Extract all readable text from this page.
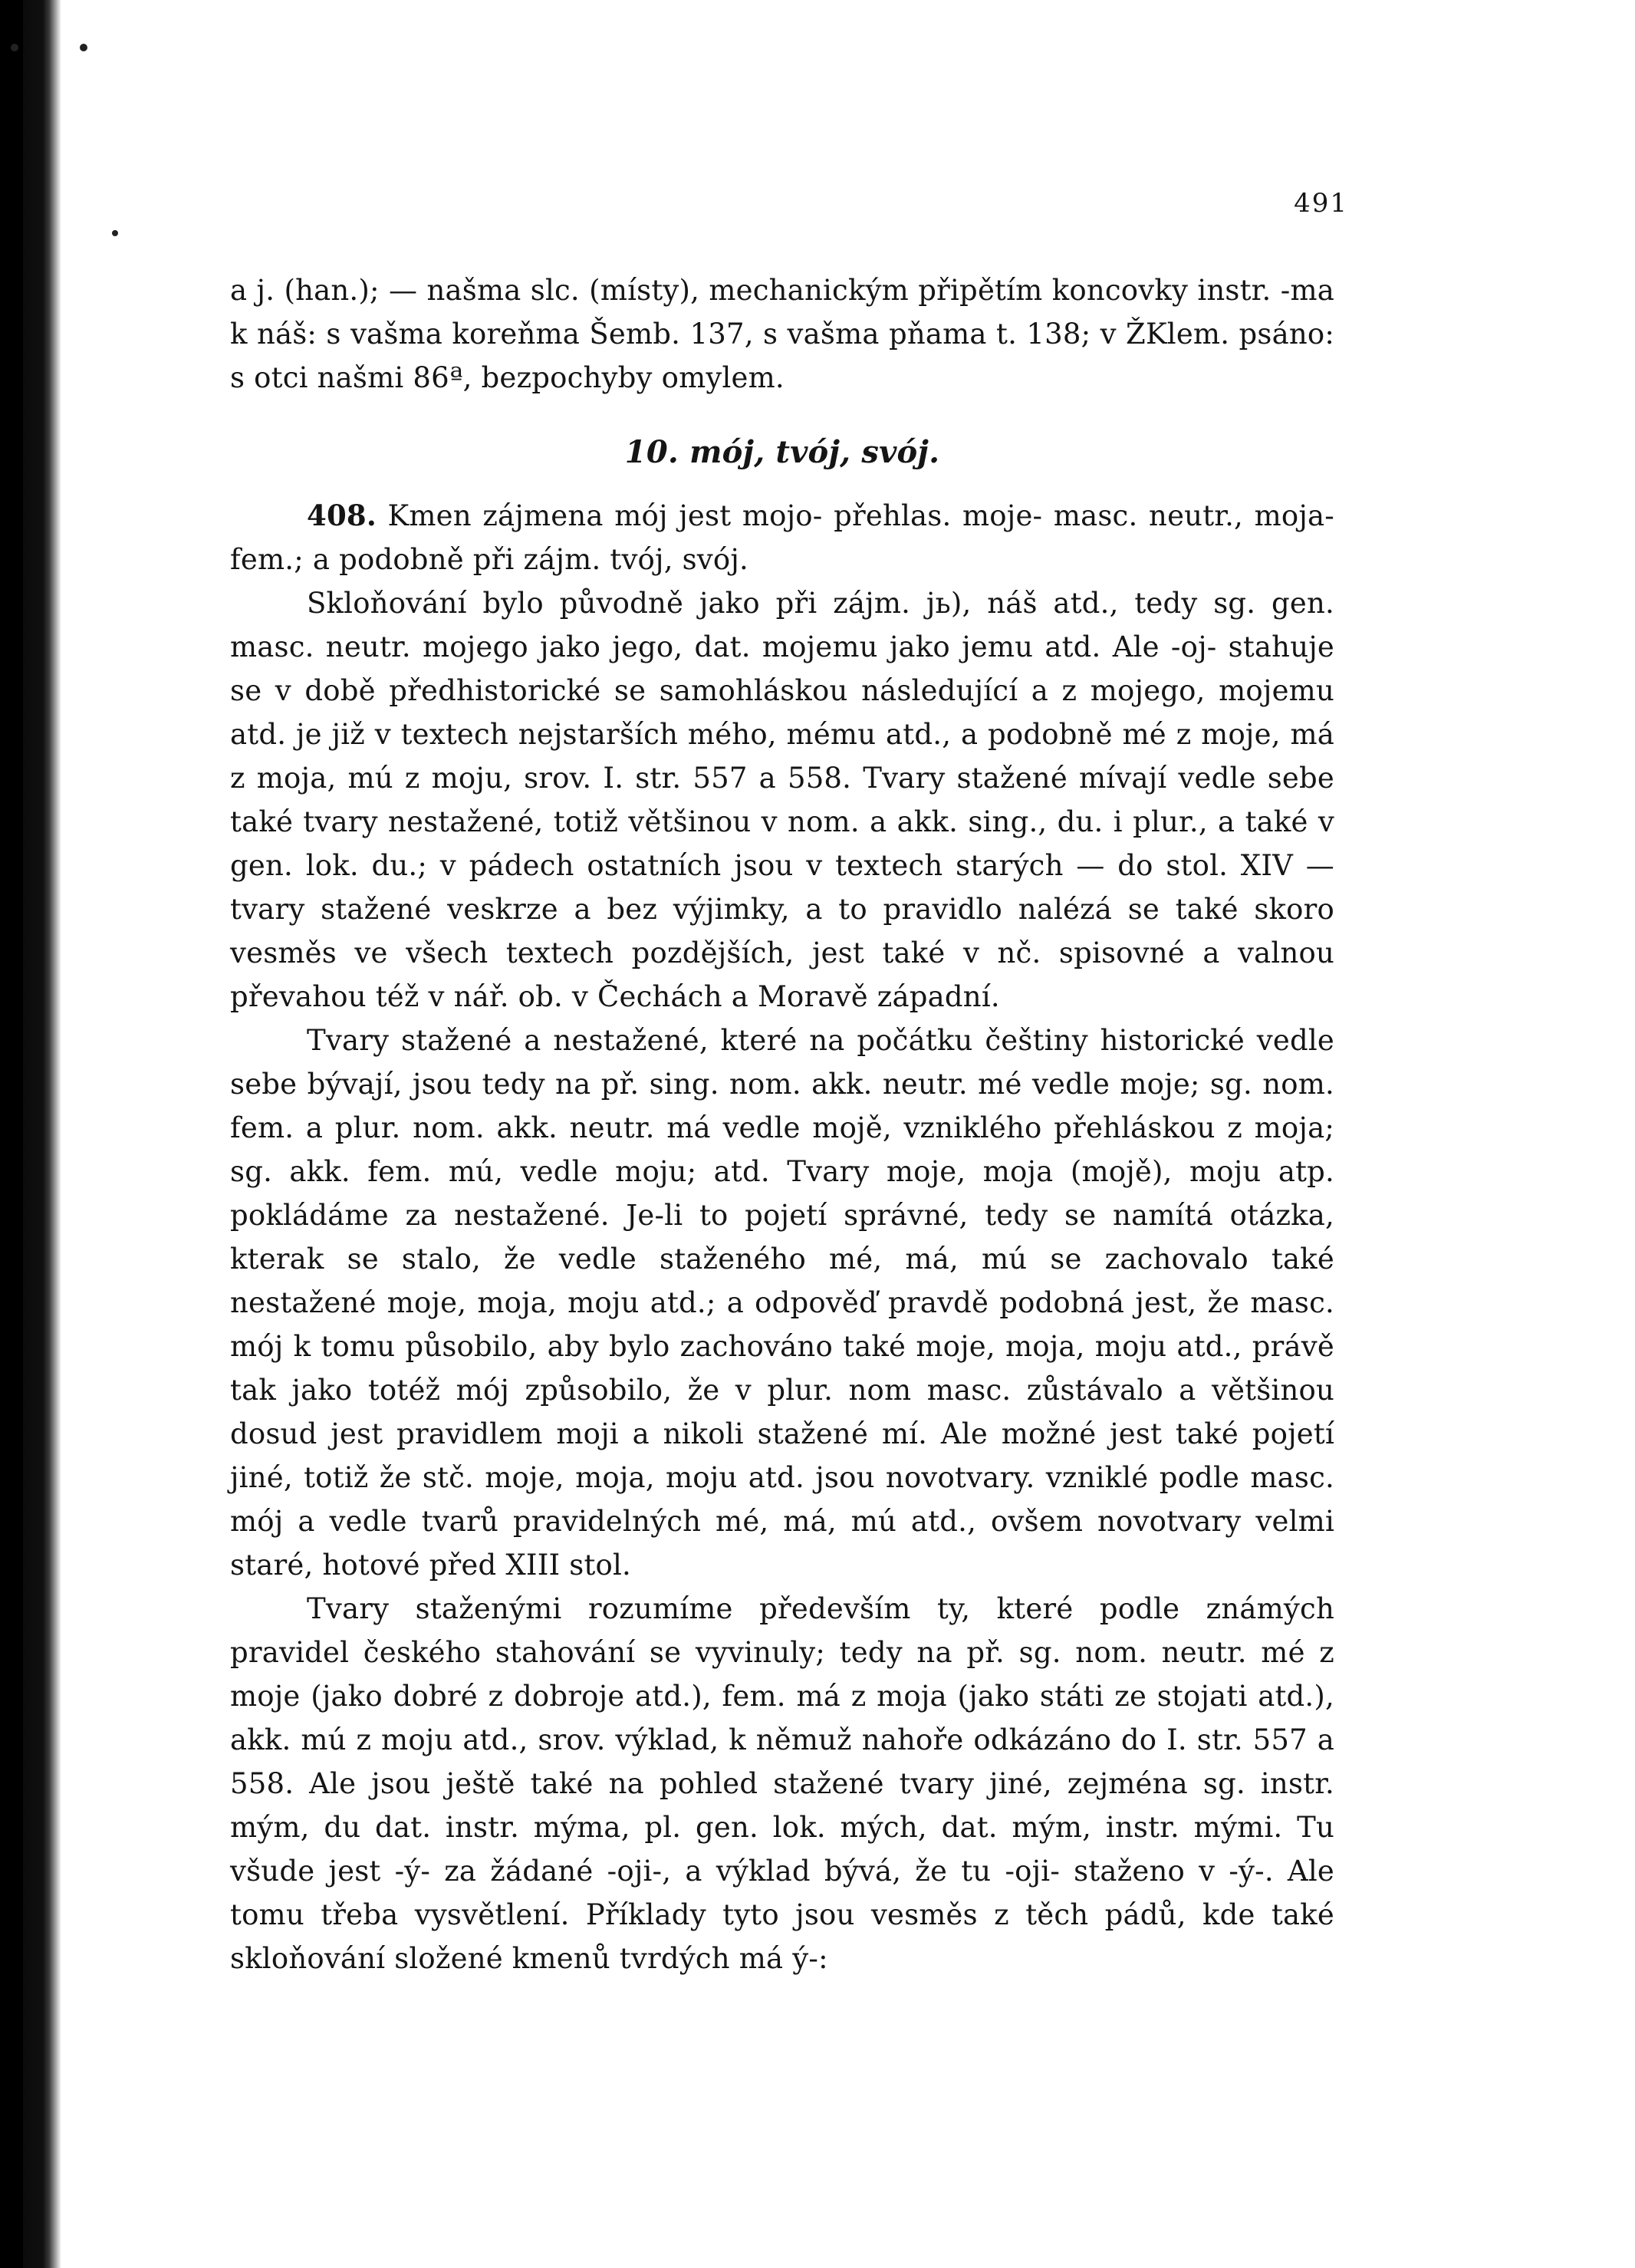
491

a j. (han.); — našma slc. (místy), mechanickým připětím koncovky instr. -ma k náš: s vašma koreňma Šemb. 137, s vašma pňama t. 138; v ŽKlem. psáno: s otci našmi 86ª, bezpochyby omylem.

10. mój, tvój, svój.

408. Kmen zájmena mój jest mojo- přehlas. moje- masc. neutr., moja- fem.; a podobně při zájm. tvój, svój.

Skloňování bylo původně jako při zájm. jь), náš atd., tedy sg. gen. masc. neutr. mojego jako jego, dat. mojemu jako jemu atd. Ale -oj- stahuje se v době předhistorické se samohláskou následující a z mojego, mojemu atd. je již v textech nejstarších mého, mému atd., a podobně mé z moje, má z moja, mú z moju, srov. I. str. 557 a 558. Tvary stažené mívají vedle sebe také tvary nestažené, totiž většinou v nom. a akk. sing., du. i plur., a také v gen. lok. du.; v pádech ostatních jsou v textech starých — do stol. XIV — tvary stažené veskrze a bez výjimky, a to pravidlo nalézá se také skoro vesměs ve všech textech pozdějších, jest také v nč. spisovné a valnou převahou též v nář. ob. v Čechách a Moravě západní.

Tvary stažené a nestažené, které na počátku češtiny historické vedle sebe bývají, jsou tedy na př. sing. nom. akk. neutr. mé vedle moje; sg. nom. fem. a plur. nom. akk. neutr. má vedle mojě, vzniklého přehláskou z moja; sg. akk. fem. mú, vedle moju; atd. Tvary moje, moja (mojě), moju atp. pokládáme za nestažené. Je-li to pojetí správné, tedy se namítá otázka, kterak se stalo, že vedle staženého mé, má, mú se zachovalo také nestažené moje, moja, moju atd.; a odpověď pravdě podobná jest, že masc. mój k tomu působilo, aby bylo zachováno také moje, moja, moju atd., právě tak jako totéž mój způsobilo, že v plur. nom masc. zůstávalo a většinou dosud jest pravidlem moji a nikoli stažené mí. Ale možné jest také pojetí jiné, totiž že stč. moje, moja, moju atd. jsou novotvary. vzniklé podle masc. mój a vedle tvarů pravidelných mé, má, mú atd., ovšem novotvary velmi staré, hotové před XIII stol.

Tvary staženými rozumíme především ty, které podle známých pravidel českého stahování se vyvinuly; tedy na př. sg. nom. neutr. mé z moje (jako dobré z dobroje atd.), fem. má z moja (jako státi ze stojati atd.), akk. mú z moju atd., srov. výklad, k němuž nahoře odkázáno do I. str. 557 a 558. Ale jsou ještě také na pohled stažené tvary jiné, zejména sg. instr. mým, du dat. instr. mýma, pl. gen. lok. mých, dat. mým, instr. mými. Tu všude jest -ý- za žádané -oji-, a výklad bývá, že tu -oji- staženo v -ý-. Ale tomu třeba vysvětlení. Příklady tyto jsou vesměs z těch pádů, kde také skloňování složené kmenů tvrdých má ý-:
